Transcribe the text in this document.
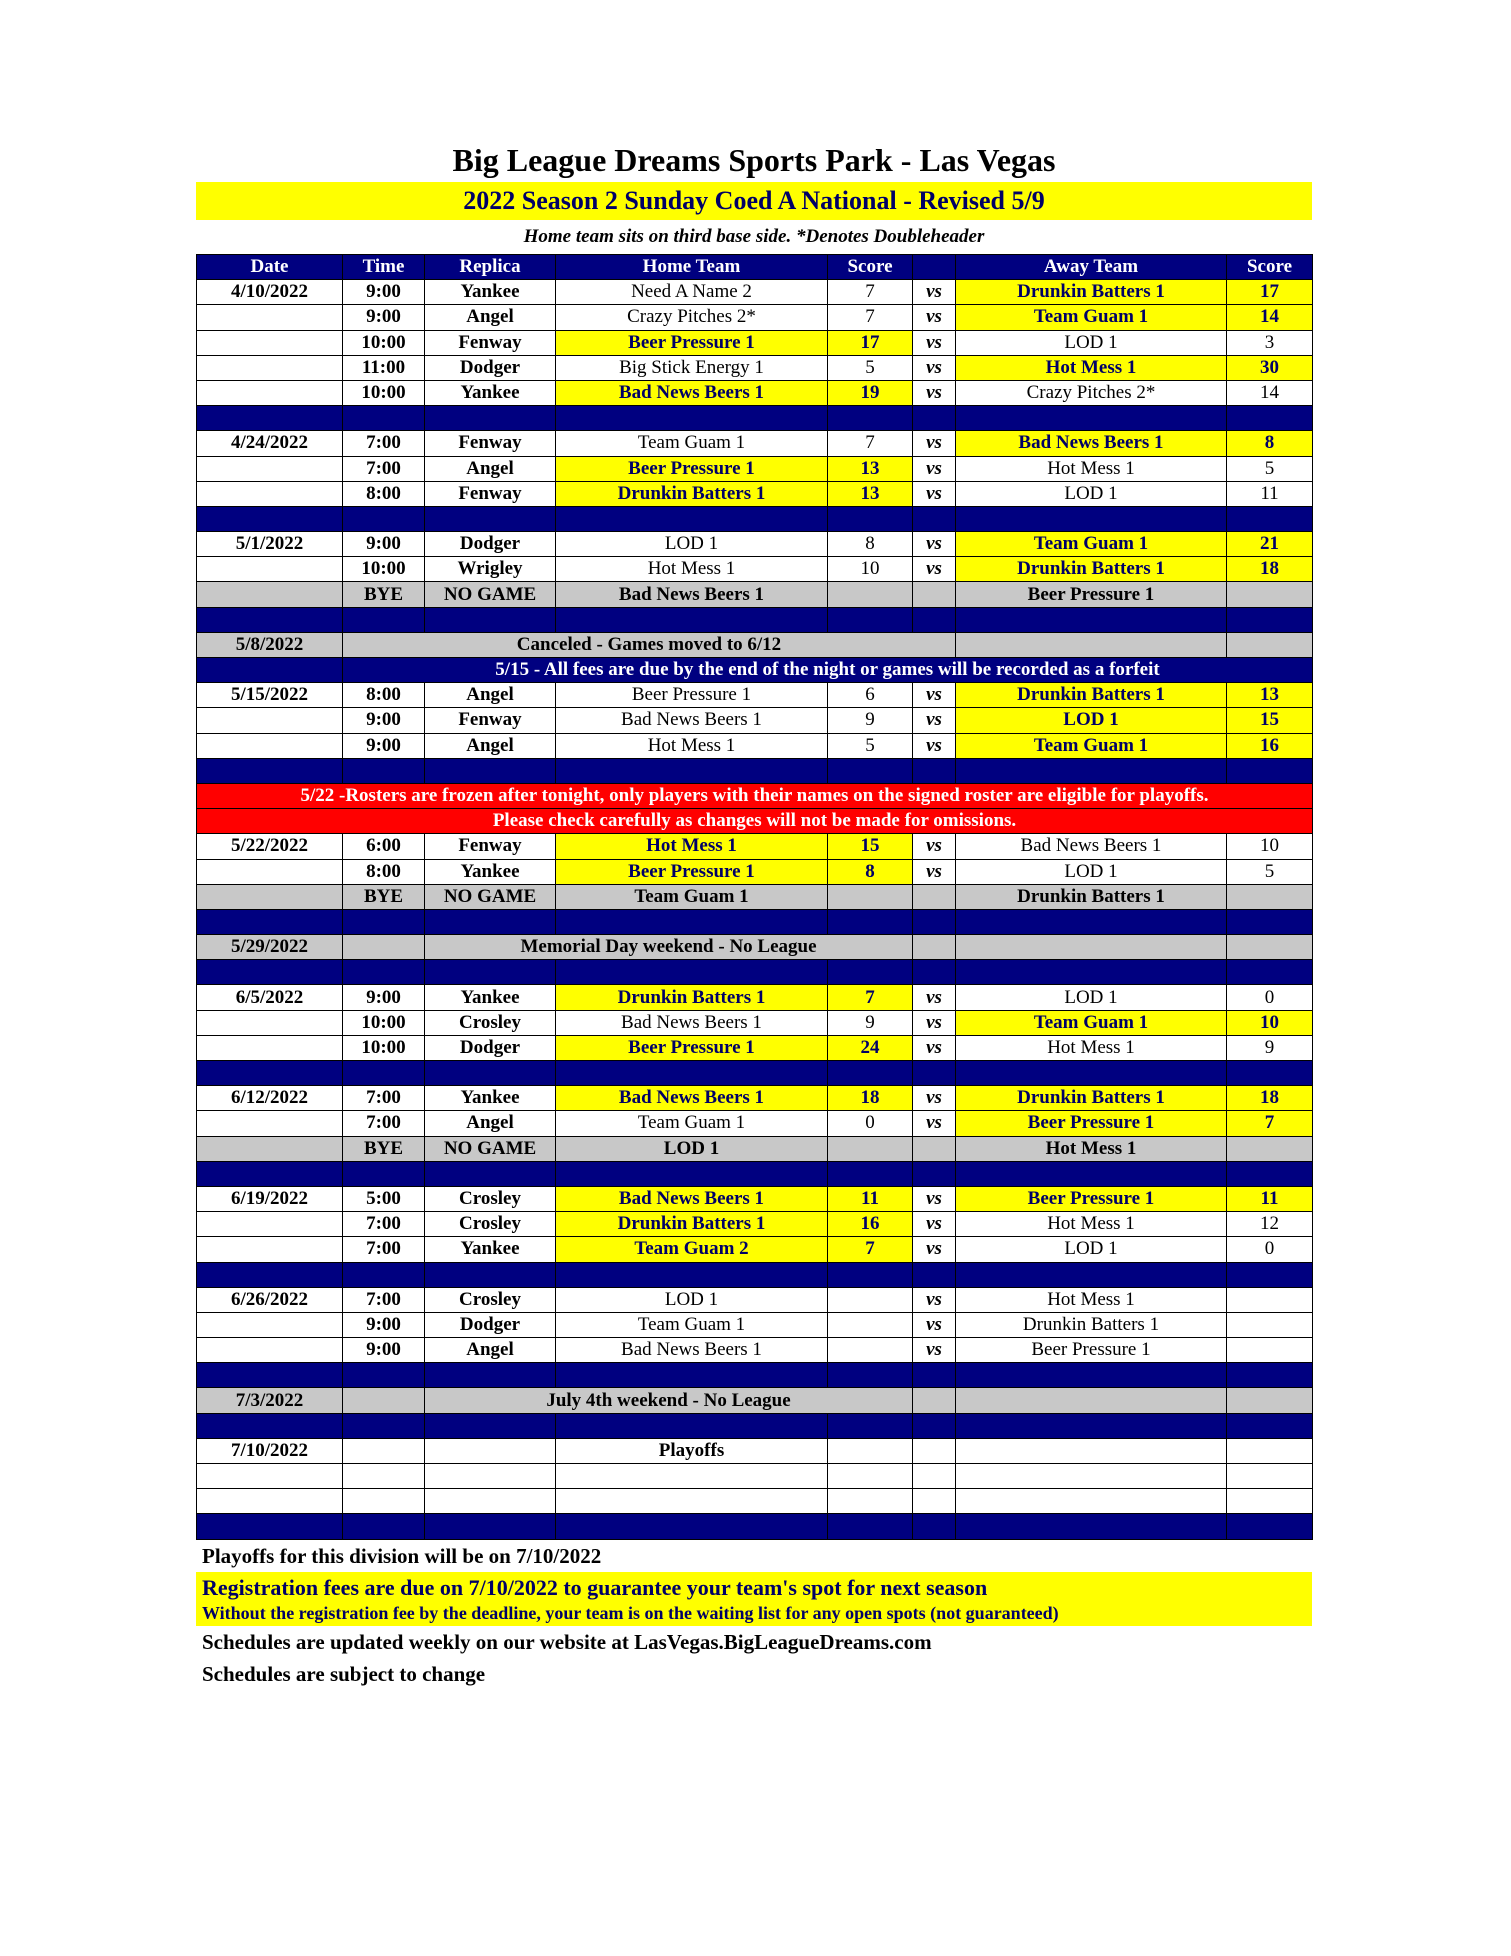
Big League Dreams Sports Park - Las Vegas
2022 Season 2 Sunday Coed A National - Revised 5/9
Home team sits on third base side. *Denotes Doubleheader
Date	Time	Replica	Home Team	Score		Away Team	Score
4/10/2022	9:00	Yankee	Need A Name 2	7	vs	Drunkin Batters 1	17
	9:00	Angel	Crazy Pitches 2*	7	vs	Team Guam 1	14
	10:00	Fenway	Beer Pressure 1	17	vs	LOD 1	3
	11:00	Dodger	Big Stick Energy 1	5	vs	Hot Mess 1	30
	10:00	Yankee	Bad News Beers 1	19	vs	Crazy Pitches 2*	14

4/24/2022	7:00	Fenway	Team Guam 1	7	vs	Bad News Beers 1	8
	7:00	Angel	Beer Pressure 1	13	vs	Hot Mess 1	5
	8:00	Fenway	Drunkin Batters 1	13	vs	LOD 1	11

5/1/2022	9:00	Dodger	LOD 1	8	vs	Team Guam 1	21
	10:00	Wrigley	Hot Mess 1	10	vs	Drunkin Batters 1	18
	BYE	NO GAME	Bad News Beers 1			Beer Pressure 1	

5/8/2022	Canceled - Games moved to 6/12						
	5/15 - All fees are due by the end of the night or games will be recorded as a forfeit						
5/15/2022	8:00	Angel	Beer Pressure 1	6	vs	Drunkin Batters 1	13
	9:00	Fenway	Bad News Beers 1	9	vs	LOD 1	15
	9:00	Angel	Hot Mess 1	5	vs	Team Guam 1	16

5/22 -Rosters are frozen after tonight, only players with their names on the signed roster are eligible for playoffs.							
Please check carefully as changes will not be made for omissions.							
5/22/2022	6:00	Fenway	Hot Mess 1	15	vs	Bad News Beers 1	10
	8:00	Yankee	Beer Pressure 1	8	vs	LOD 1	5
	BYE	NO GAME	Team Guam 1			Drunkin Batters 1	

5/29/2022		Memorial Day weekend - No League					

6/5/2022	9:00	Yankee	Drunkin Batters 1	7	vs	LOD 1	0
	10:00	Crosley	Bad News Beers 1	9	vs	Team Guam 1	10
	10:00	Dodger	Beer Pressure 1	24	vs	Hot Mess 1	9

6/12/2022	7:00	Yankee	Bad News Beers 1	18	vs	Drunkin Batters 1	18
	7:00	Angel	Team Guam 1	0	vs	Beer Pressure 1	7
	BYE	NO GAME	LOD 1			Hot Mess 1	

6/19/2022	5:00	Crosley	Bad News Beers 1	11	vs	Beer Pressure 1	11
	7:00	Crosley	Drunkin Batters 1	16	vs	Hot Mess 1	12
	7:00	Yankee	Team Guam 2	7	vs	LOD 1	0

6/26/2022	7:00	Crosley	LOD 1		vs	Hot Mess 1	
	9:00	Dodger	Team Guam 1		vs	Drunkin Batters 1	
	9:00	Angel	Bad News Beers 1		vs	Beer Pressure 1	

7/3/2022		July 4th weekend - No League					

7/10/2022			Playoffs				

Playoffs for this division will be on 7/10/2022
Registration fees are due on 7/10/2022 to guarantee your team's spot for next season
Without the registration fee by the deadline, your team is on the waiting list for any open spots (not guaranteed)
Schedules are updated weekly on our website at LasVegas.BigLeagueDreams.com
Schedules are subject to change
